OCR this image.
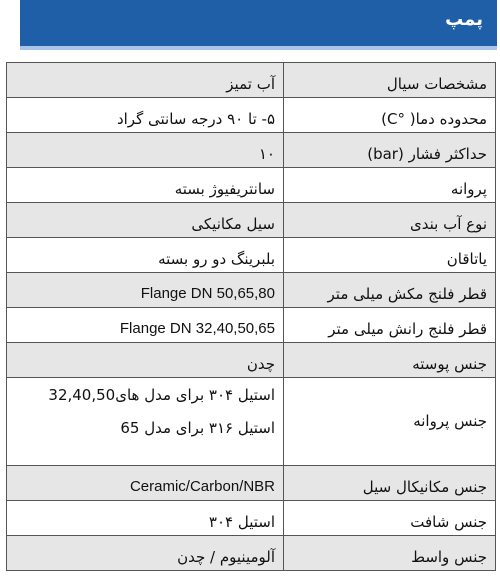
پمپ
مشخصات سیال	آب تمیز
محدوده دما( °C)	۵- تا ۹۰ درجه سانتی گراد
حداکثر فشار (bar)	۱۰
پروانه	سانتریفیوژ بسته
نوع آب بندی	سیل مکانیکی
یاتاقان	بلبرینگ دو رو بسته
قطر فلنج مکش میلی متر	Flange DN 50,65,80
قطر فلنج رانش میلی متر	Flange DN 32,40,50,65
جنس پوسته	چدن
جنس پروانه	استیل ۳۰۴ برای مدل های32,40,50
استیل ۳۱۶ برای مدل 65

جنس مکانیکال سیل	Ceramic/Carbon/NBR
جنس شافت	استیل ۳۰۴
جنس واسط	آلومینیوم / چدن
